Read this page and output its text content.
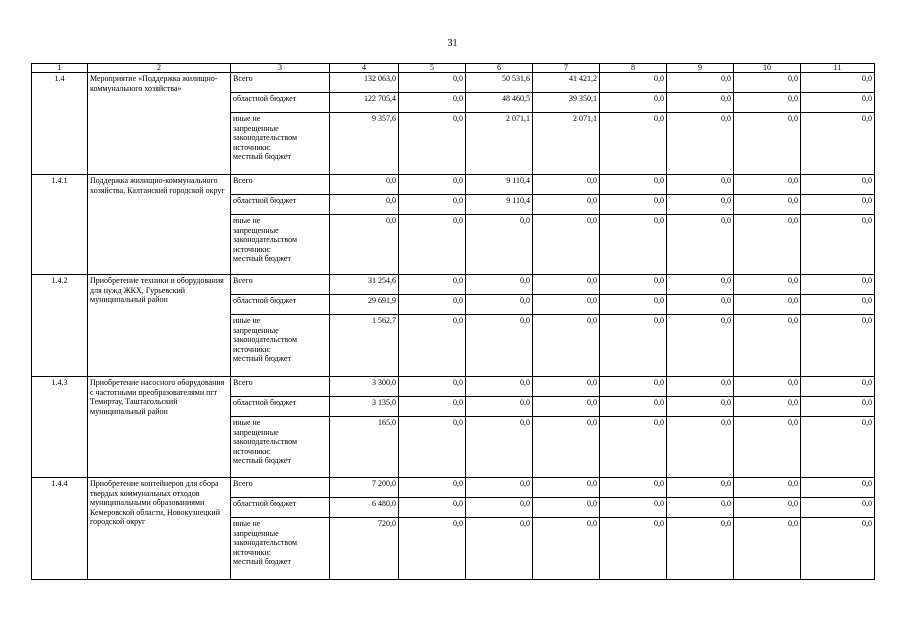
31
1	2	3	4	5	6	7	8	9	10	11
1.4	Мероприятие «Поддержка жилищно-коммунального хозяйства»	Всего	132 063,0	0,0	50 531,6	41 421,2	0,0	0,0	0,0	0,0
		областной бюджет	122 705,4	0,0	48 460,5	39 350,1	0,0	0,0	0,0	0,0

		иные не
запрещенные
законодательством
источники:
местный бюджет	9 357,6	0,0	2 071,1	2 071,1	0,0	0,0	0,0	0,0
1.4.1	Поддержка жилищно-коммунального хозяйства, Калтанский городской округ	Всего	0,0	0,0	9 110,4	0,0	0,0	0,0	0,0	0,0
		областной бюджет	0,0	0,0	9 110,4	0,0	0,0	0,0	0,0	0,0

		иные не
запрещенные
законодательством
источники:
местный бюджет	0,0	0,0	0,0	0,0	0,0	0,0	0,0	0,0
1.4.2	Приобретение техники и оборудования для нужд ЖКХ, Гурьевский муниципальный район	Всего	31 254,6	0,0	0,0	0,0	0,0	0,0	0,0	0,0
		областной бюджет	29 691,9	0,0	0,0	0,0	0,0	0,0	0,0	0,0

		иные не
запрещенные
законодательством
источники:
местный бюджет	1 562,7	0,0	0,0	0,0	0,0	0,0	0,0	0,0
1.4.3	Приобретение насосного оборудования с частотными преобразователями пгт Темиртау, Таштагольский муниципальный район	Всего	3 300,0	0,0	0,0	0,0	0,0	0,0	0,0	0,0
		областной бюджет	3 135,0	0,0	0,0	0,0	0,0	0,0	0,0	0,0

		иные не
запрещенные
законодательством
источники:
местный бюджет	165,0	0,0	0,0	0,0	0,0	0,0	0,0	0,0
1.4.4	Приобретение контейнеров для сбора твердых коммунальных отходов муниципальными образованиями Кемеровской области, Новокузнецкий городской округ	Всего	7 200,0	0,0	0,0	0,0	0,0	0,0	0,0	0,0
		областной бюджет	6 480,0	0,0	0,0	0,0	0,0	0,0	0,0	0,0

		иные не
запрещенные
законодательством
источники:
местный бюджет	720,0	0,0	0,0	0,0	0,0	0,0	0,0	0,0
